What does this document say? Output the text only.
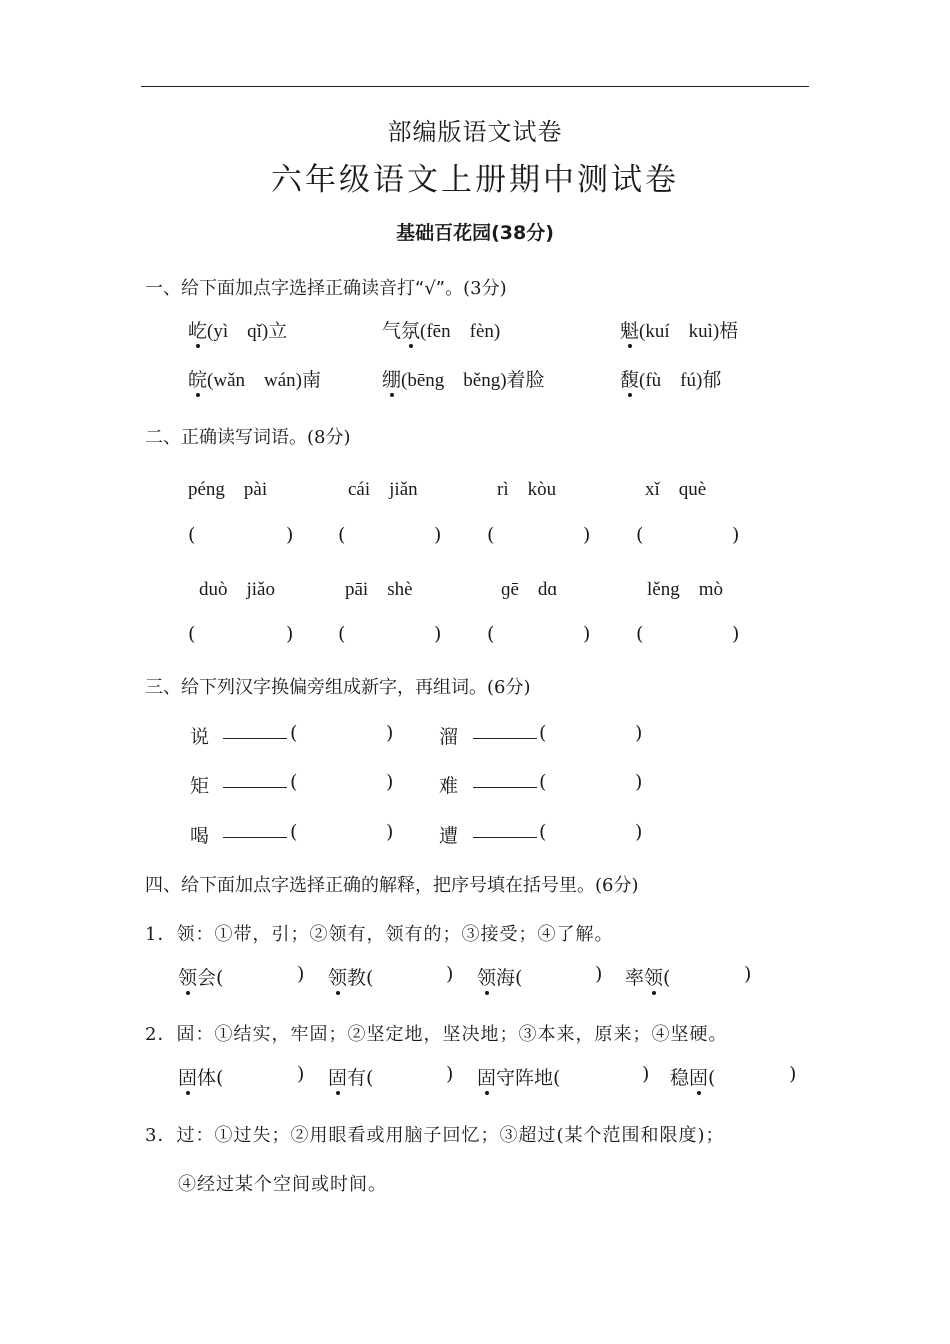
部编版语文试卷
六年级语文上册期中测试卷
基础百花园(38分)
一、给下面加点字选择正确读音打“√”。(3分)
屹(yì　qǐ)立	气氛(fēn　fèn)	魁(kuí　kuì)梧
皖(wǎn　wán)南	绷(bēng　běng)着脸	馥(fù　fú)郁
二、正确读写词语。(8分)
péng　pài	cái　jiǎn	rì　kòu	xǐ　què
(	) (	) (	) (	)
duò　jiǎo	pāi　shè	ɡē　dɑ	lěng　mò
(	) (	) (	) (	)
三、给下列汉字换偏旁组成新字，再组词。(6分)
说	(	) 溜	(	)
矩	(	) 难	(	)
喝	(	) 遭	(	)
四、给下面加点字选择正确的解释，把序号填在括号里。(6分)
1．领：①带，引；②领有，领有的；③接受；④了解。
领会(	) 领教(	) 领海(	) 率领(	)
2．固：①结实，牢固；②坚定地，坚决地；③本来，原来；④坚硬。
固体(	) 固有(	) 固守阵地(	) 稳固(	)
3．过：①过失；②用眼看或用脑子回忆；③超过(某个范围和限度)；
④经过某个空间或时间。
